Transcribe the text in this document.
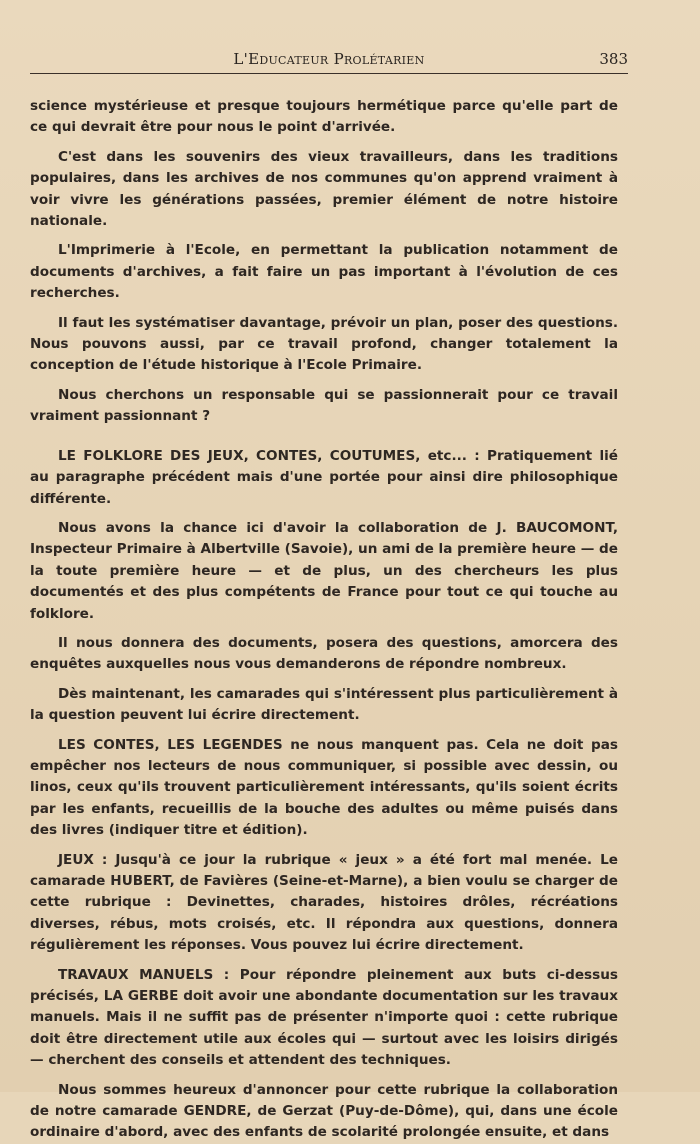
L'Educateur Prolétarien	383

science mystérieuse et presque toujours hermétique parce qu'elle part de ce qui devrait être pour nous le point d'arrivée.

C'est dans les souvenirs des vieux travailleurs, dans les traditions populaires, dans les archives de nos communes qu'on apprend vraiment à voir vivre les générations passées, premier élément de notre histoire nationale.

L'Imprimerie à l'Ecole, en permettant la publication notamment de documents d'archives, a fait faire un pas important à l'évolution de ces recherches.

Il faut les systématiser davantage, prévoir un plan, poser des questions. Nous pouvons aussi, par ce travail profond, changer totalement la conception de l'étude historique à l'Ecole Primaire.

Nous cherchons un responsable qui se passionnerait pour ce travail vraiment passionnant ?

LE FOLKLORE DES JEUX, CONTES, COUTUMES, etc... : Pratiquement lié au paragraphe précédent mais d'une portée pour ainsi dire philosophique différente.

Nous avons la chance ici d'avoir la collaboration de J. BAUCOMONT, Inspecteur Primaire à Albertville (Savoie), un ami de la première heure — de la toute première heure — et de plus, un des chercheurs les plus documentés et des plus compétents de France pour tout ce qui touche au folklore.

Il nous donnera des documents, posera des questions, amorcera des enquêtes auxquelles nous vous demanderons de répondre nombreux.

Dès maintenant, les camarades qui s'intéressent plus particulièrement à la question peuvent lui écrire directement.

LES CONTES, LES LEGENDES ne nous manquent pas. Cela ne doit pas empêcher nos lecteurs de nous communiquer, si possible avec dessin, ou linos, ceux qu'ils trouvent particulièrement intéressants, qu'ils soient écrits par les enfants, recueillis de la bouche des adultes ou même puisés dans des livres (indiquer titre et édition).

JEUX : Jusqu'à ce jour la rubrique « jeux » a été fort mal menée. Le camarade HUBERT, de Favières (Seine-et-Marne), a bien voulu se charger de cette rubrique : Devinettes, charades, histoires drôles, récréations diverses, rébus, mots croisés, etc. Il répondra aux questions, donnera régulièrement les réponses. Vous pouvez lui écrire directement.

TRAVAUX MANUELS : Pour répondre pleinement aux buts ci-dessus précisés, LA GERBE doit avoir une abondante documentation sur les travaux manuels. Mais il ne suffit pas de présenter n'importe quoi : cette rubrique doit être directement utile aux écoles qui — surtout avec les loisirs dirigés — cherchent des conseils et attendent des techniques.

Nous sommes heureux d'annoncer pour cette rubrique la collaboration de notre camarade GENDRE, de Gerzat (Puy-de-Dôme), qui, dans une école ordinaire d'abord, avec des enfants de scolarité prolongée ensuite, et dans
